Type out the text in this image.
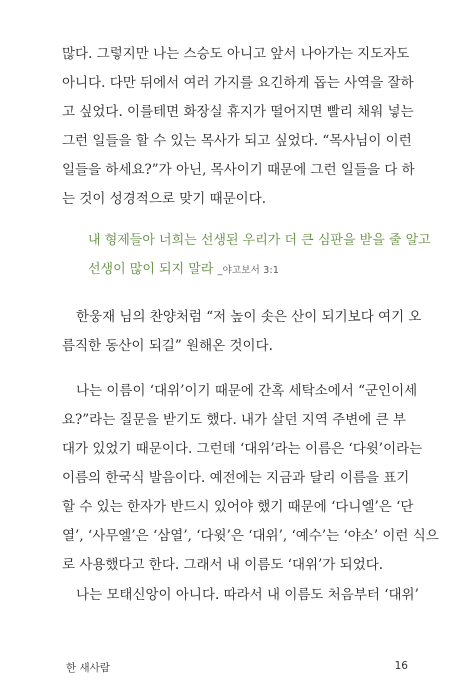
많다. 그렇지만 나는 스승도 아니고 앞서 나아가는 지도자도
아니다. 다만 뒤에서 여러 가지를 요긴하게 돕는 사역을 잘하
고 싶었다. 이를테면 화장실 휴지가 떨어지면 빨리 채워 넣는
그런 일들을 할 수 있는 목사가 되고 싶었다. “목사님이 이런
일들을 하세요?”가 아닌, 목사이기 때문에 그런 일들을 다 하
는 것이 성경적으로 맞기 때문이다.
내 형제들아 너희는 선생된 우리가 더 큰 심판을 받을 줄 알고
선생이 많이 되지 말라 _야고보서 3:1
한웅재 님의 찬양처럼 “저 높이 솟은 산이 되기보다 여기 오
름직한 동산이 되길” 원해온 것이다.
나는 이름이 ‘대위’이기 때문에 간혹 세탁소에서 “군인이세
요?”라는 질문을 받기도 했다. 내가 살던 지역 주변에 큰 부
대가 있었기 때문이다. 그런데 ‘대위’라는 이름은 ‘다윗’이라는
이름의 한국식 발음이다. 예전에는 지금과 달리 이름을 표기
할 수 있는 한자가 반드시 있어야 했기 때문에 ‘다니엘’은 ‘단
열’, ‘사무엘’은 ‘삼열’, ‘다윗’은 ‘대위’, ‘예수’는 ‘야소’ 이런 식으
로 사용했다고 한다. 그래서 내 이름도 ‘대위’가 되었다.
나는 모태신앙이 아니다. 따라서 내 이름도 처음부터 ‘대위’
한 새사람	16
